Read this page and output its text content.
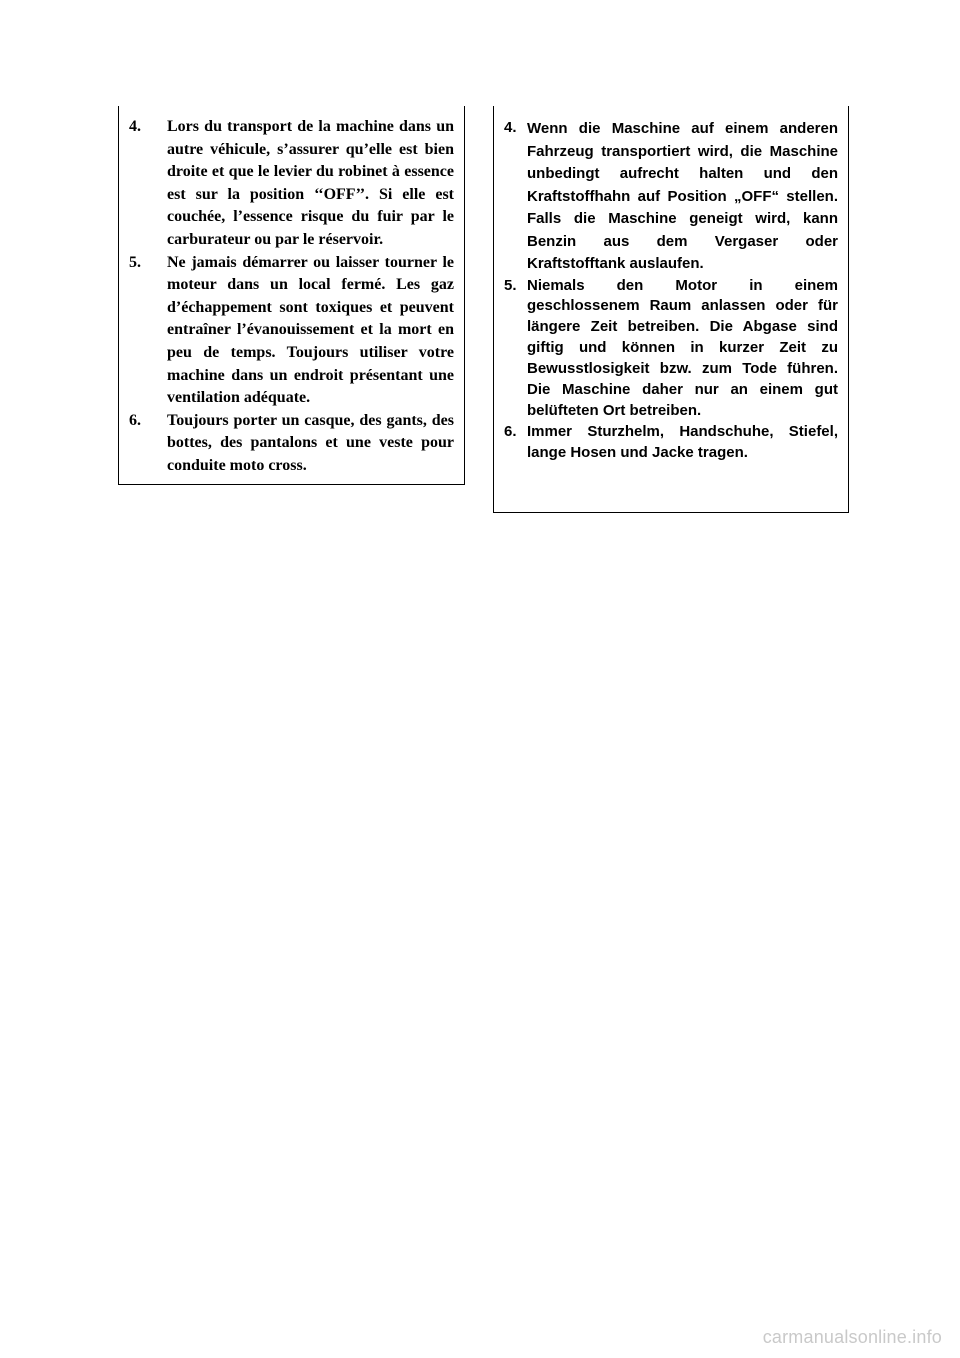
4.	Lors du transport de la machine dans un autre véhicule, s’assurer qu’elle est bien droite et que le levier du robinet à essence est sur la position ‘‘OFF’’. Si elle est couchée, l’essence risque du fuir par le carburateur ou par le réservoir.
5.	Ne jamais démarrer ou laisser tourner le moteur dans un local fermé. Les gaz d’échappement sont toxiques et peuvent entraîner l’évanouissement et la mort en peu de temps. Toujours utiliser votre machine dans un endroit présentant une ventilation adéquate.
6.	Toujours porter un casque, des gants, des bottes, des pantalons et une veste pour conduite moto cross.
4. Wenn die Maschine auf einem anderen Fahrzeug transportiert wird, die Maschine unbedingt aufrecht halten und den Kraftstoffhahn auf Position „OFF“ stellen. Falls die Maschine geneigt wird, kann Benzin aus dem Vergaser oder Kraftstofftank auslaufen.
5. Niemals den Motor in einem geschlossenem Raum anlassen oder für längere Zeit betreiben. Die Abgase sind giftig und können in kurzer Zeit zu Bewusstlosigkeit bzw. zum Tode führen. Die Maschine daher nur an einem gut belüfteten Ort betreiben.
6. Immer Sturzhelm, Handschuhe, Stiefel, lange Hosen und Jacke tragen.
carmanualsonline.info
